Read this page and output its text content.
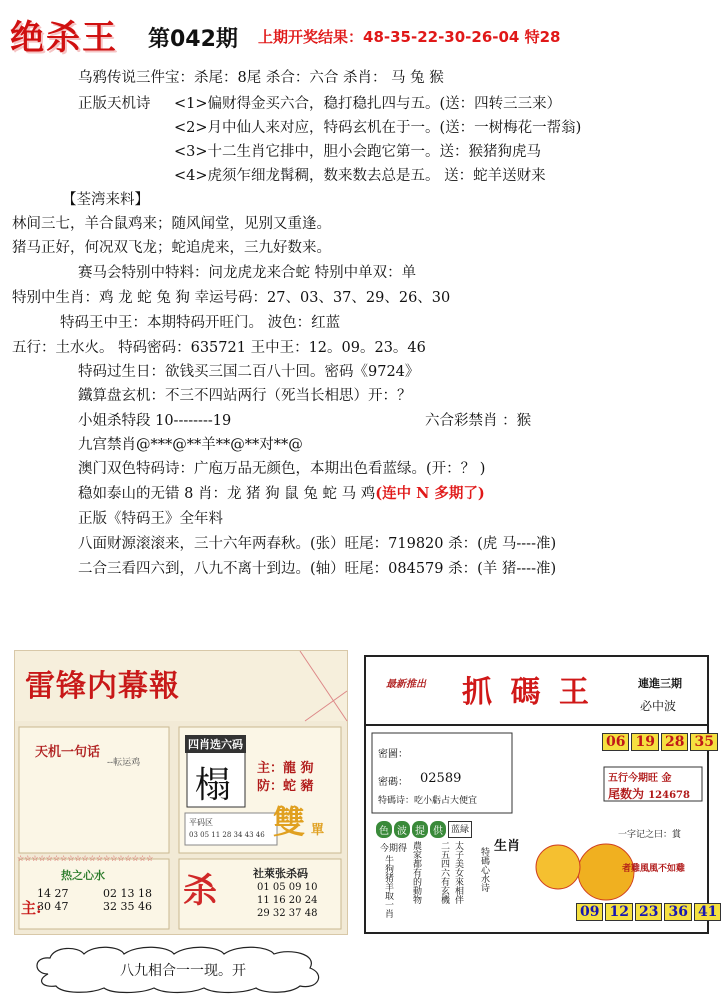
绝杀王 第042期 上期开奖结果：48-35-22-30-26-04 特28
乌鸦传说三件宝：杀尾：8尾 杀合：六合 杀肖： 马 兔 猴
正版天机诗 <1>偏财得金买六合，稳打稳扎四与五。(送：四转三三来）
<2>月中仙人来对应，特码玄机在于一。(送：一树梅花一帮翁)
<3>十二生肖它排中，胆小会跑它第一。送：猴猪狗虎马
<4>虎须乍细龙髯稠，数来数去总是五。 送：蛇羊送财来
【荃湾来料】
林间三七，羊合鼠鸡来；随风闻堂，见别又重逢。
猪马正好，何况双飞龙；蛇追虎来，三九好数来。
赛马会特别中特料：问龙虎龙来合蛇 特别中单双：单
特别中生肖：鸡 龙 蛇 兔 狗 幸运号码：27、03、37、29、26、30
特码王中王：本期特码开旺门。 波色：红蓝
五行：土水火。 特码密码：635721 王中王：12。09。23。46
特码过生日：欲钱买三国二百八十回。密码《9724》
鐵算盘玄机：不三不四站两行（死当长相思）开：？
小姐杀特段 10--------19	六合彩禁肖 ：猴
九宫禁肖@***@**羊**@**对**@
澳门双色特码诗：广庖万品无颜色，本期出色看蓝绿。(开：？ )
稳如泰山的无错 8 肖：龙 猪 狗 鼠 兔 蛇 马 鸡(连中 N 多期了)
正版《特码王》全年料
八面财源滚滚来，三十六年两春秋。(张）旺尾：719820 杀：(虎 马----准)
二合三看四六到，八九不离十到边。(轴）旺尾：084579 杀：(羊 猪----准)
☆☆☆☆☆☆☆☆☆☆☆☆☆☆☆☆☆☆☆
雷锋内幕報
天机一句话
--転运鸡
热之心水
主:
14 27
30 47
02 13 18
32 35 46
四肖选六码
榻 主：龍 狗
防：蛇 豬
雙 單
平码区
03 05 11 28 34 43 46
杀	社萊张杀码
01 05 09 10
11 16 20 24
29 32 37 48
最新推出 抓 碼 王	連進三期
必中波
06 19 28 35
五行今期旺 金
尾数为 124678
密圖：
密碼： 02589
特碼诗：吃小虧占大便宜
色 波 提 供 蓝緑
今期得
牛狗猪羊取一肖 農家都有的動物 二五四六有玄機 太子美女來相伴 特碼心水诗
生肖
一字记之曰：賞
者雞風風不如雞
09 12 23 36 41
八九相合一一现。开
